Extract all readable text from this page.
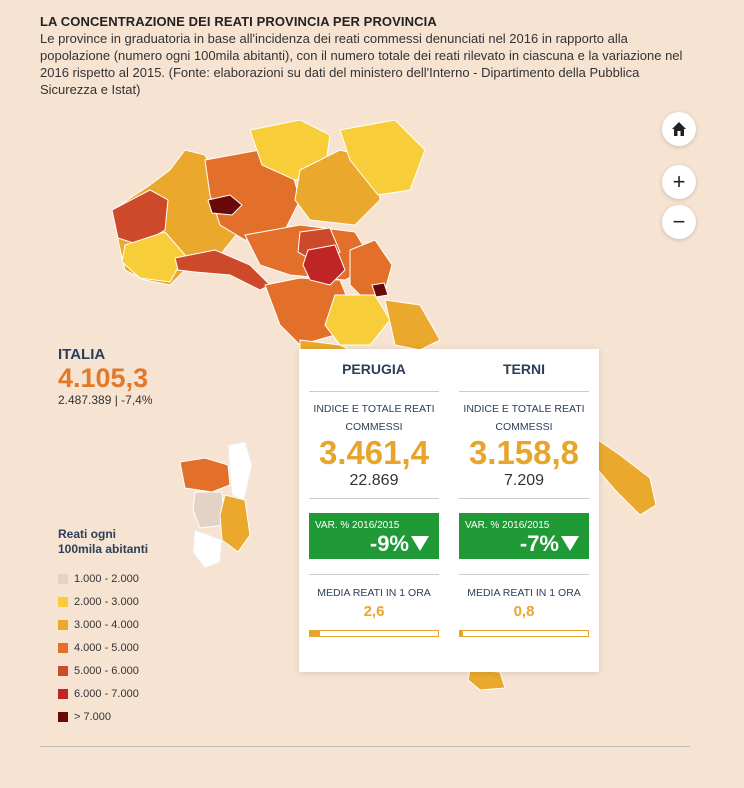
LA CONCENTRAZIONE DEI REATI PROVINCIA PER PROVINCIA
Le province in graduatoria in base all'incidenza dei reati commessi denunciati nel 2016 in rapporto alla popolazione (numero ogni 100mila abitanti), con il numero totale dei reati rilevato in ciascuna e la variazione nel 2016 rispetto al 2015. (Fonte: elaborazioni su dati del ministero dell'Interno - Dipartimento della Pubblica Sicurezza e Istat)
+
−
ITALIA
4.105,3
2.487.389 | -7,4%
Reati ogni
100mila abitanti
1.000 - 2.000
2.000 - 3.000
3.000 - 4.000
4.000 - 5.000
5.000 - 6.000
6.000 - 7.000
> 7.000
PERUGIA
INDICE E TOTALE REATI COMMESSI
3.461,4
22.869
VAR. % 2016/2015
-9%
MEDIA REATI IN 1 ORA
2,6
TERNI
INDICE E TOTALE REATI COMMESSI
3.158,8
7.209
VAR. % 2016/2015
-7%
MEDIA REATI IN 1 ORA
0,8
